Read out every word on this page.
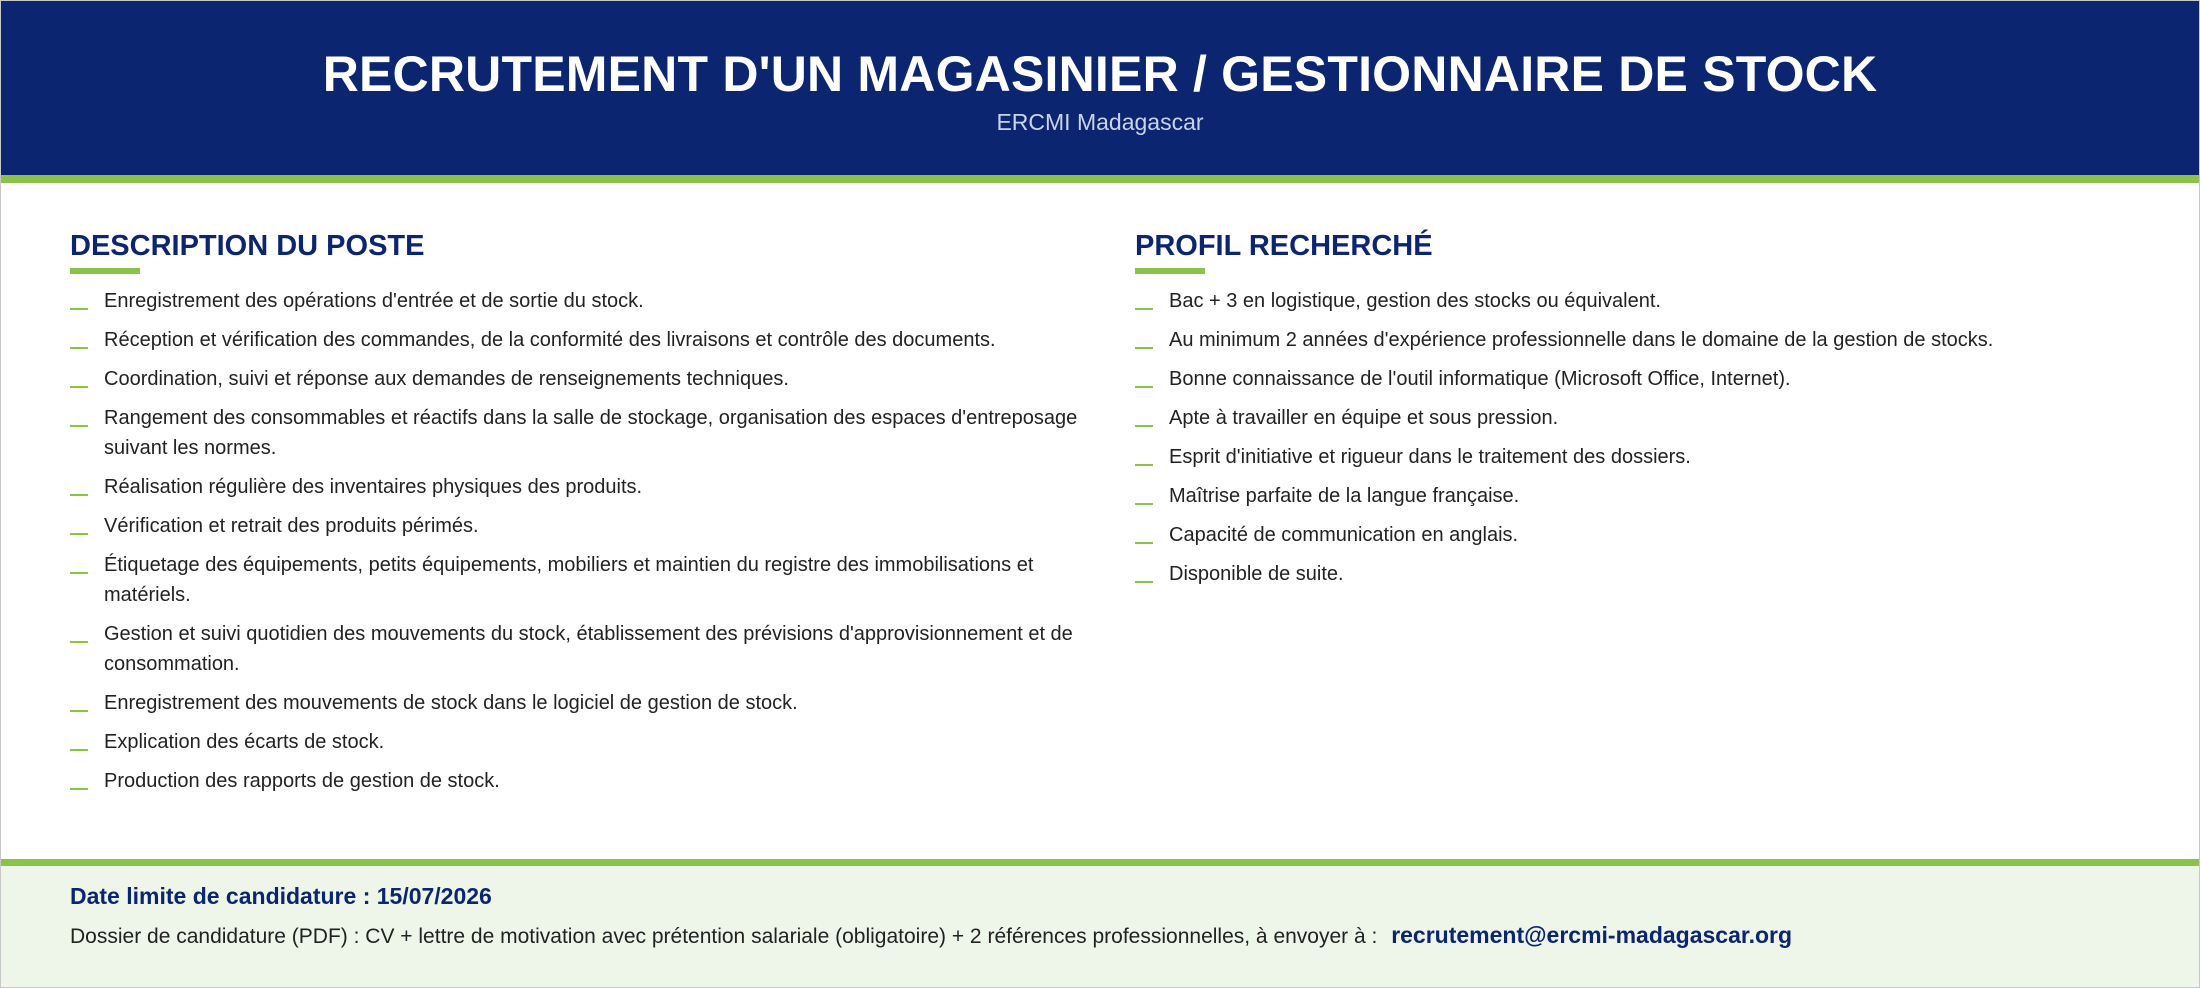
RECRUTEMENT D'UN MAGASINIER / GESTIONNAIRE DE STOCK
ERCMI Madagascar
DESCRIPTION DU POSTE
Enregistrement des opérations d'entrée et de sortie du stock.
Réception et vérification des commandes, de la conformité des livraisons et contrôle des documents.
Coordination, suivi et réponse aux demandes de renseignements techniques.
Rangement des consommables et réactifs dans la salle de stockage, organisation des espaces d'entreposage suivant les normes.
Réalisation régulière des inventaires physiques des produits.
Vérification et retrait des produits périmés.
Étiquetage des équipements, petits équipements, mobiliers et maintien du registre des immobilisations et matériels.
Gestion et suivi quotidien des mouvements du stock, établissement des prévisions d'approvisionnement et de consommation.
Enregistrement des mouvements de stock dans le logiciel de gestion de stock.
Explication des écarts de stock.
Production des rapports de gestion de stock.
PROFIL RECHERCHÉ
Bac + 3 en logistique, gestion des stocks ou équivalent.
Au minimum 2 années d'expérience professionnelle dans le domaine de la gestion de stocks.
Bonne connaissance de l'outil informatique (Microsoft Office, Internet).
Apte à travailler en équipe et sous pression.
Esprit d'initiative et rigueur dans le traitement des dossiers.
Maîtrise parfaite de la langue française.
Capacité de communication en anglais.
Disponible de suite.
Date limite de candidature : 15/07/2026
Dossier de candidature (PDF) : CV + lettre de motivation avec prétention salariale (obligatoire) + 2 références professionnelles, à envoyer à : recrutement@ercmi-madagascar.org
